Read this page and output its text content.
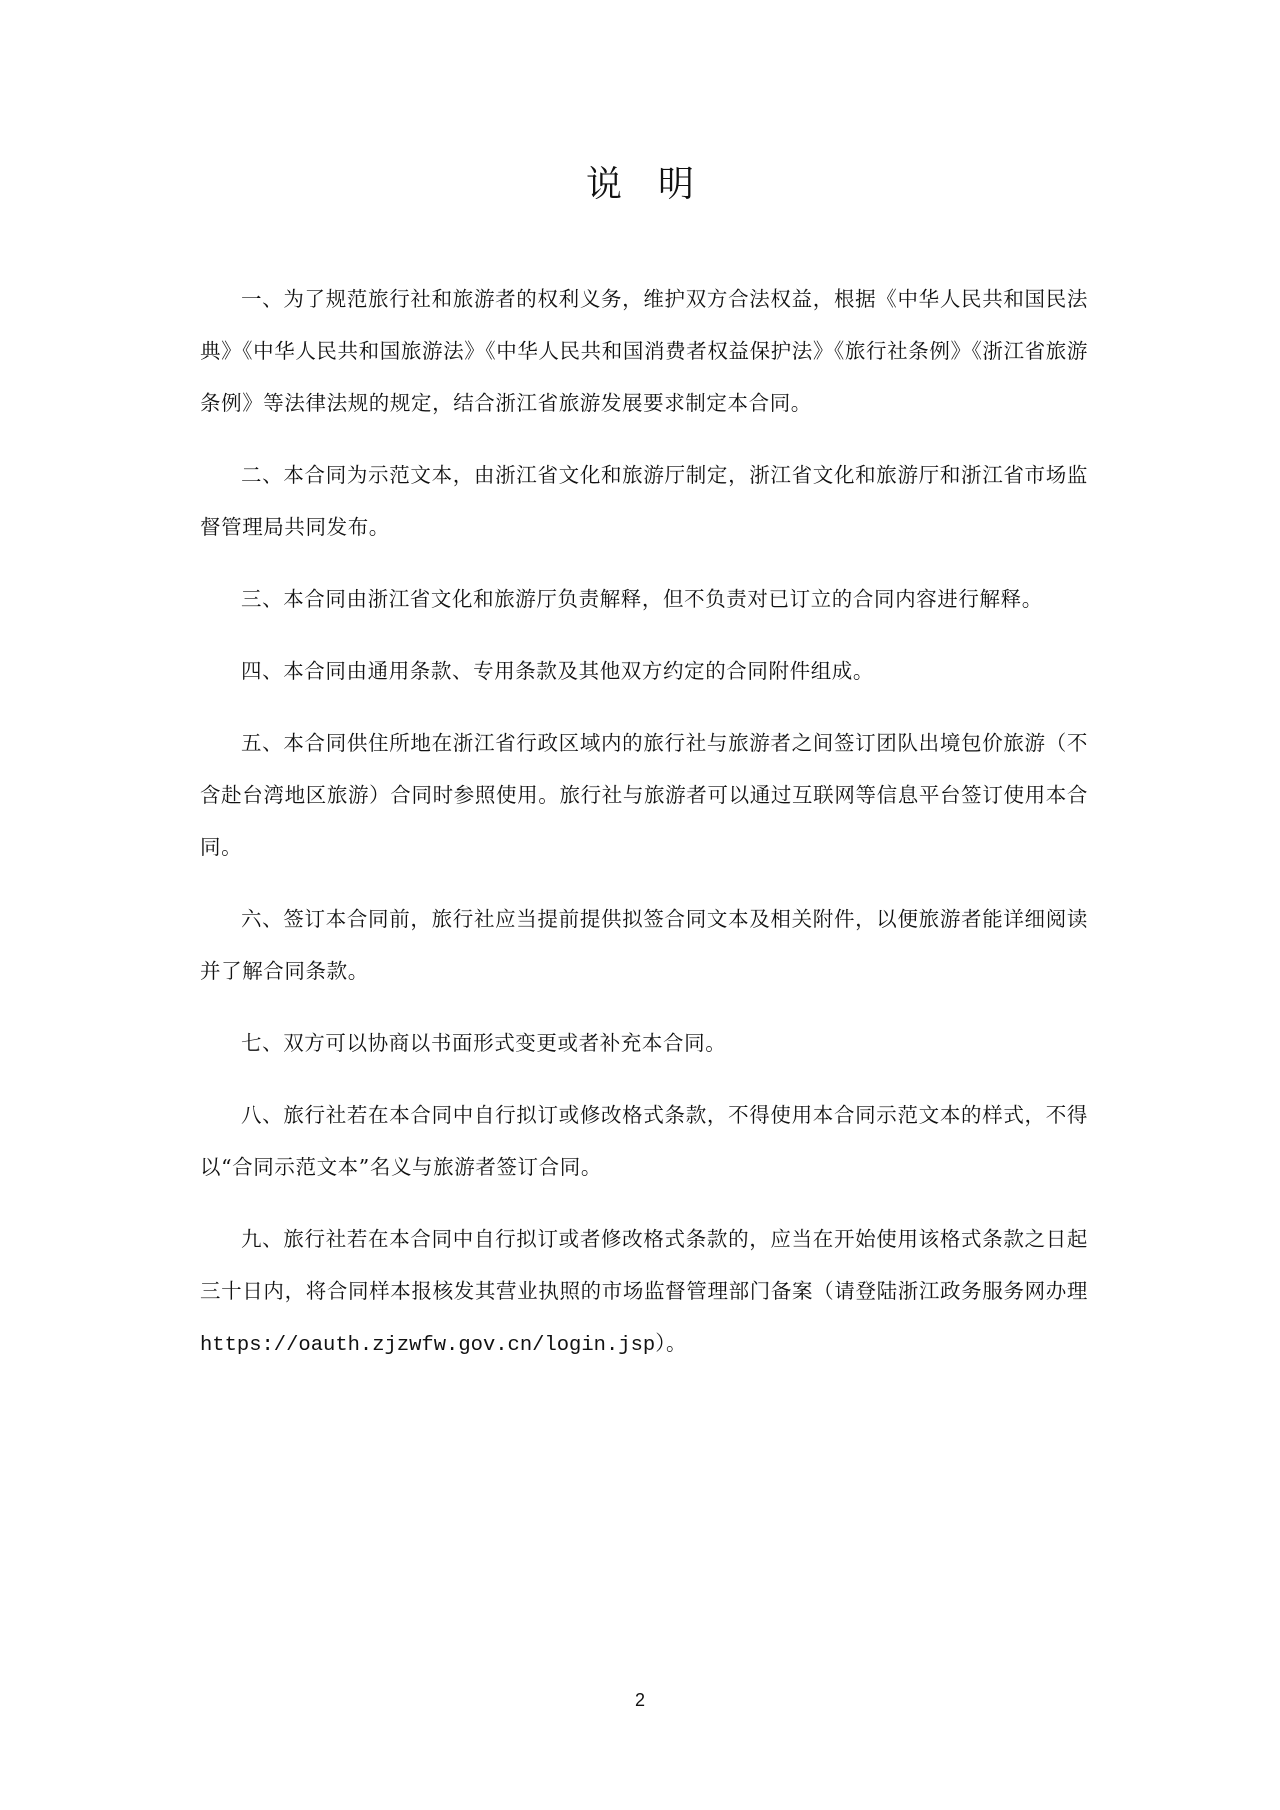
说明

一、为了规范旅行社和旅游者的权利义务，维护双方合法权益，根据《中华人民共和国民法典》《中华人民共和国旅游法》《中华人民共和国消费者权益保护法》《旅行社条例》《浙江省旅游条例》等法律法规的规定，结合浙江省旅游发展要求制定本合同。

二、本合同为示范文本，由浙江省文化和旅游厅制定，浙江省文化和旅游厅和浙江省市场监督管理局共同发布。

三、本合同由浙江省文化和旅游厅负责解释，但不负责对已订立的合同内容进行解释。

四、本合同由通用条款、专用条款及其他双方约定的合同附件组成。

五、本合同供住所地在浙江省行政区域内的旅行社与旅游者之间签订团队出境包价旅游（不含赴台湾地区旅游）合同时参照使用。旅行社与旅游者可以通过互联网等信息平台签订使用本合同。

六、签订本合同前，旅行社应当提前提供拟签合同文本及相关附件，以便旅游者能详细阅读并了解合同条款。

七、双方可以协商以书面形式变更或者补充本合同。

八、旅行社若在本合同中自行拟订或修改格式条款，不得使用本合同示范文本的样式，不得以“合同示范文本”名义与旅游者签订合同。

九、旅行社若在本合同中自行拟订或者修改格式条款的，应当在开始使用该格式条款之日起三十日内，将合同样本报核发其营业执照的市场监督管理部门备案（请登陆浙江政务服务网办理 https://oauth.zjzwfw.gov.cn/login.jsp）。

2
